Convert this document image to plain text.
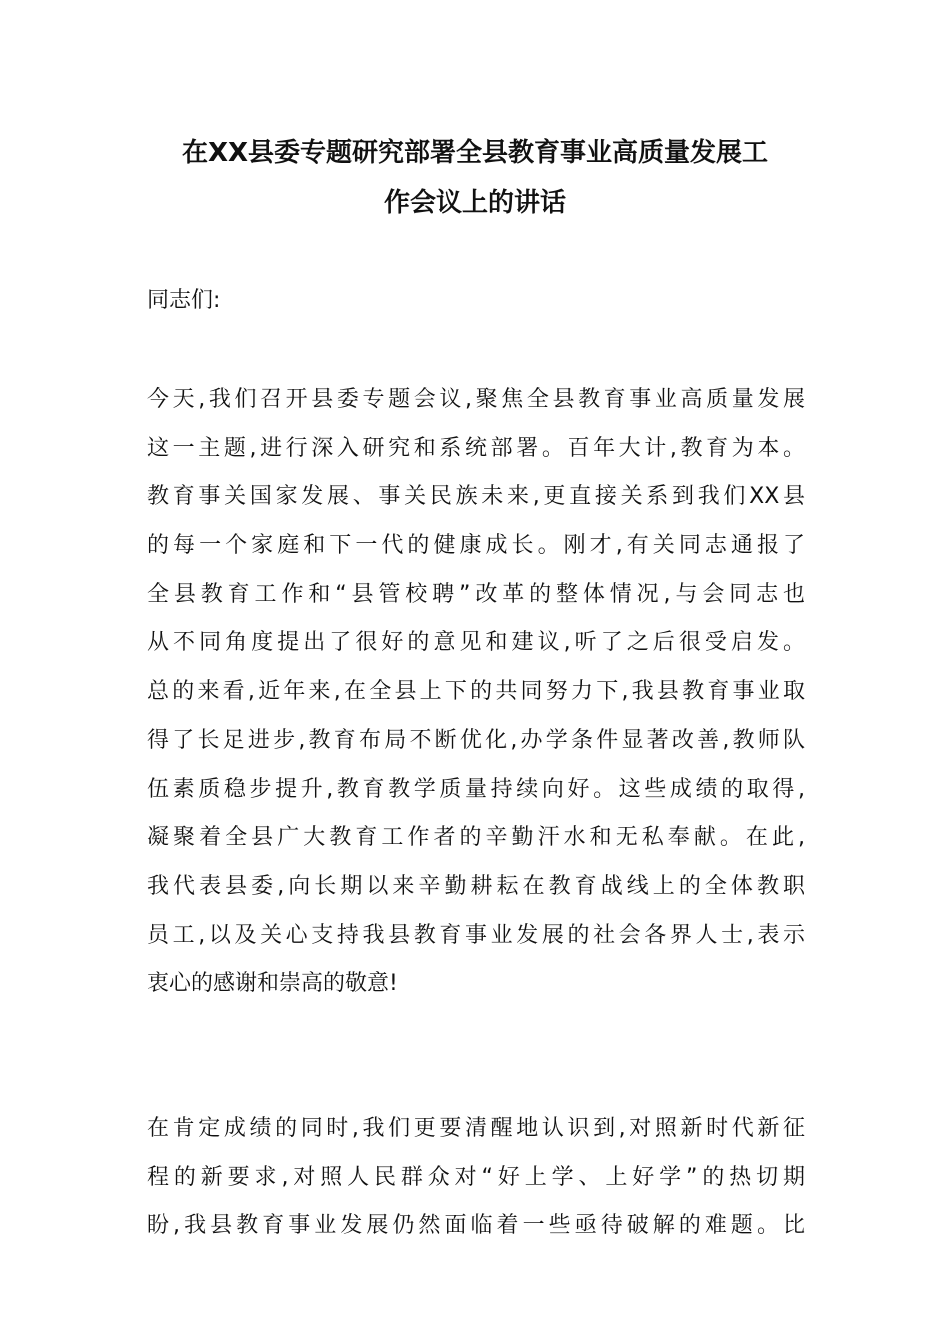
在XX县委专题研究部署全县教育事业高质量发展工
作会议上的讲话
同志们:
今天,我们召开县委专题会议,聚焦全县教育事业高质量发展
这一主题,进行深入研究和系统部署。百年大计,教育为本。
教育事关国家发展、事关民族未来,更直接关系到我们XX县
的每一个家庭和下一代的健康成长。刚才,有关同志通报了
全县教育工作和“县管校聘”改革的整体情况,与会同志也
从不同角度提出了很好的意见和建议,听了之后很受启发。
总的来看,近年来,在全县上下的共同努力下,我县教育事业取
得了长足进步,教育布局不断优化,办学条件显著改善,教师队
伍素质稳步提升,教育教学质量持续向好。这些成绩的取得,
凝聚着全县广大教育工作者的辛勤汗水和无私奉献。在此,
我代表县委,向长期以来辛勤耕耘在教育战线上的全体教职
员工,以及关心支持我县教育事业发展的社会各界人士,表示
衷心的感谢和崇高的敬意!
在肯定成绩的同时,我们更要清醒地认识到,对照新时代新征
程的新要求,对照人民群众对“好上学、上好学”的热切期
盼,我县教育事业发展仍然面临着一些亟待破解的难题。比
